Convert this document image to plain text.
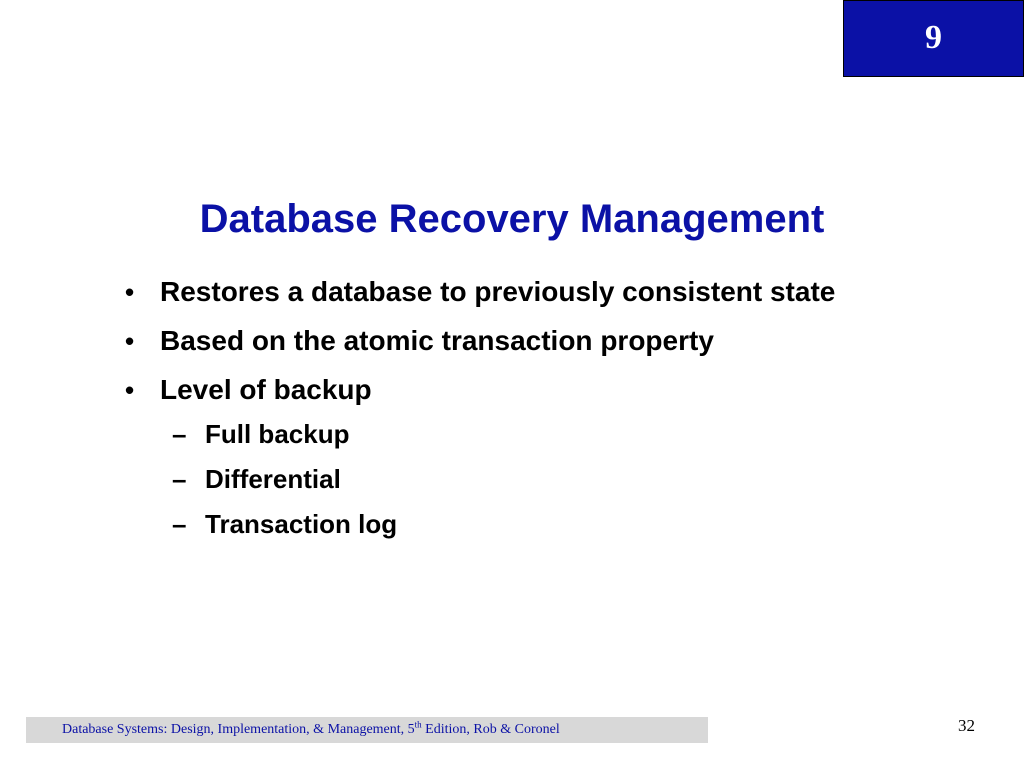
9
Database Recovery Management
• Restores a database to previously consistent state
• Based on the atomic transaction property
• Level of backup
– Full backup
– Differential
– Transaction log
Database Systems: Design, Implementation, & Management, 5th Edition, Rob & Coronel	32
